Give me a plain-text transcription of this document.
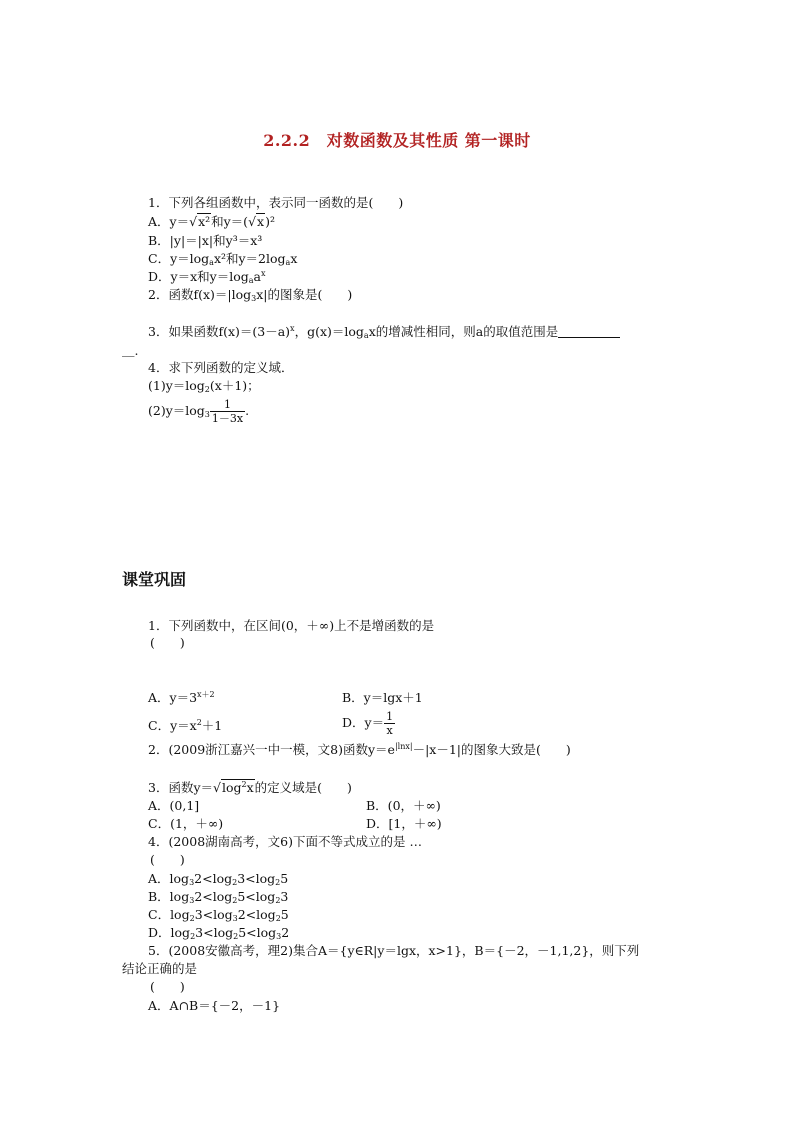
2.2.2　对数函数及其性质 第一课时
1．下列各组函数中，表示同一函数的是(　　)
A．y＝√x²和y＝(√x)²
B．|y|＝|x|和y³＝x³
C．$y=\log_ax^2$和$y=2\log_ax$
D．y＝x和$y=\log_aa^x$
2．函数$f(x)=|\log_3x|$的图象是(　　)
3．如果函数$f(x)=(3-a)^x$，$g(x)=\log_ax$的增减性相同，则a的取值范围是
＿.
4．求下列函数的定义域．
$(1)y=\log_2(x+1)$；
$(2)y=\log_3 \frac{1}{1-3x}$ .
课堂巩固
1．下列函数中，在区间(0，＋∞)上不是增函数的是
(　　)
A．$y=3^{x+2}$	B．y＝lgx＋1
C．$y=x^2+1$	D．$y= \frac{1}{x}$
2．(2009浙江嘉兴一中一模，文8)函数$y=e^{|lnx|}-|x-1|$的图象大致是(　　)
3．函数$y=√\log^2x$的定义域是(　　)
A．(0,1]	B．(0，＋∞)
C．(1，＋∞)	D．[1，＋∞)
4．(2008湖南高考，文6)下面不等式成立的是 …
(　　)
A．$\log_32<\log_23<\log_25$
B．$\log_32<\log_25<\log_23$
C．$\log_23<\log_32<\log_25$
D．$\log_23<\log_25<\log_32$
5．(2008安徽高考，理2)集合A＝{y∈R|y＝lgx，x>1}，B＝{－2，－1,1,2}，则下列
结论正确的是
(　　)
A．A∩B＝{－2，－1}
